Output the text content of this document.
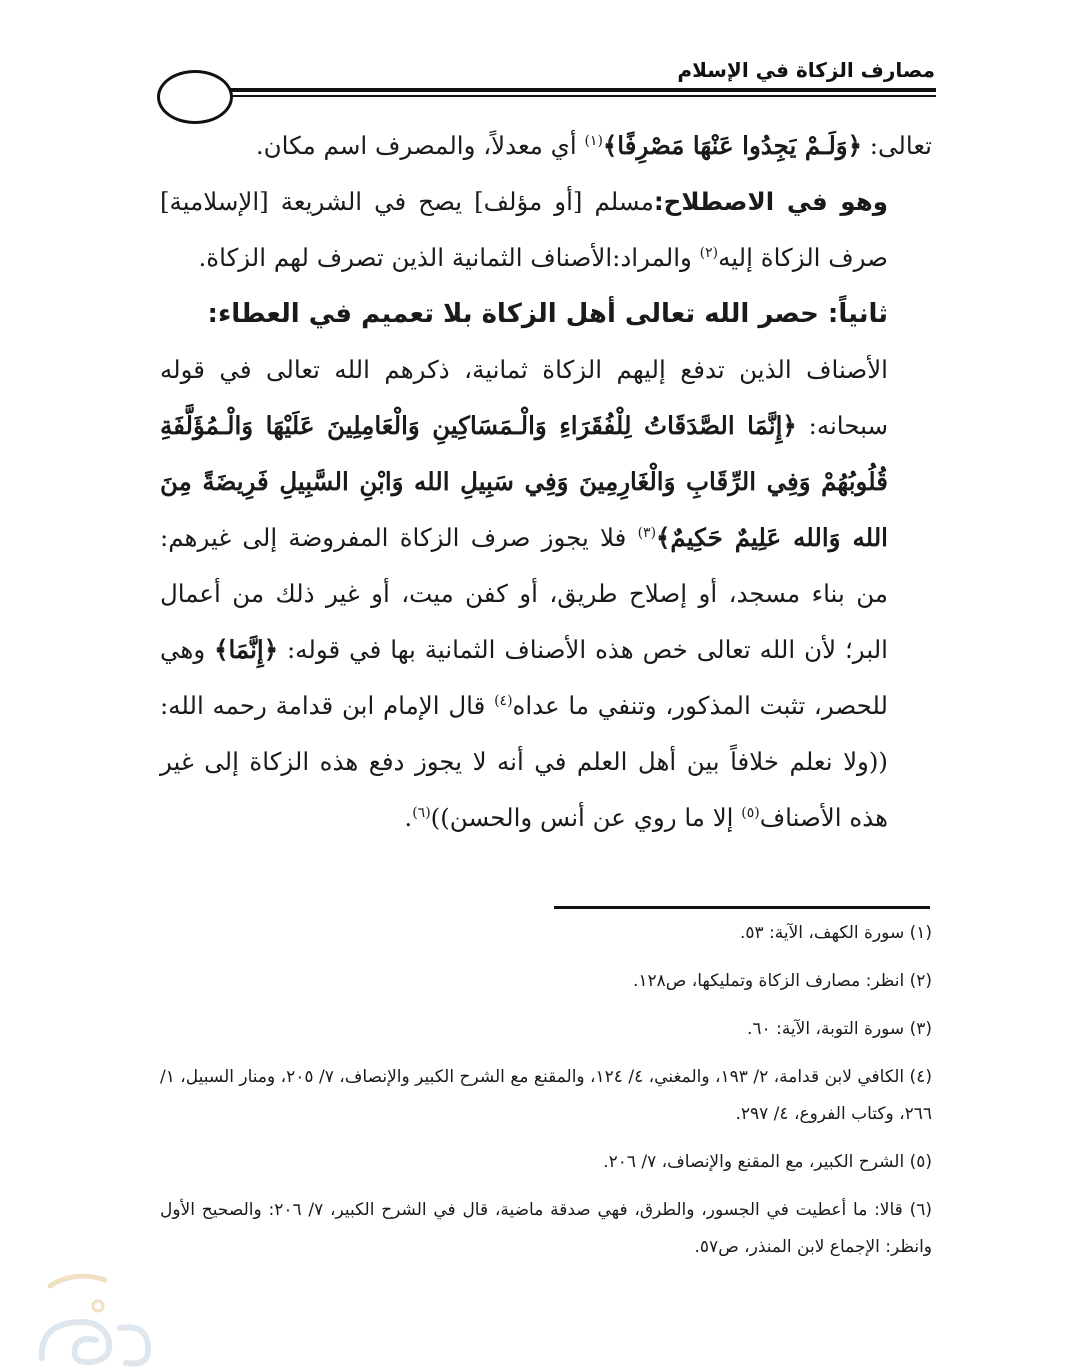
مصارف الزكاة في الإسلام

تعالى: ﴿وَلَـمْ يَجِدُوا عَنْهَا مَصْرِفًا﴾$^{(١)}$ أي معدلاً، والمصرف اسم مكان.

وهو في الاصطلاح:مسلم [أو مؤلف] يصح في الشريعة [الإسلامية] صرف الزكاة إليه$^{(٢)}$ والمراد:الأصناف الثمانية الذين تصرف لهم الزكاة.

ثانياً: حصر الله تعالى أهل الزكاة بلا تعميم في العطاء:

الأصناف الذين تدفع إليهم الزكاة ثمانية، ذكرهم الله تعالى في قوله سبحانه: ﴿إِنَّمَا الصَّدَقَاتُ لِلْفُقَرَاءِ وَالْـمَسَاكِينِ وَالْعَامِلِينَ عَلَيْهَا وَالْـمُؤَلَّفَةِ قُلُوبُهُمْ وَفِي الرِّقَابِ وَالْغَارِمِينَ وَفِي سَبِيلِ الله وَابْنِ السَّبِيلِ فَرِيضَةً مِنَ الله وَالله عَلِيمٌ حَكِيمٌ﴾$^{(٣)}$ فلا يجوز صرف الزكاة المفروضة إلى غيرهم: من بناء مسجد، أو إصلاح طريق، أو كفن ميت، أو غير ذلك من أعمال البر؛ لأن الله تعالى خص هذه الأصناف الثمانية بها في قوله: ﴿إِنَّمَا﴾ وهي للحصر، تثبت المذكور، وتنفي ما عداه$^{(٤)}$ قال الإمام ابن قدامة رحمه الله: ((ولا نعلم خلافاً بين أهل العلم في أنه لا يجوز دفع هذه الزكاة إلى غير هذه الأصناف$^{(٥)}$ إلا ما روي عن أنس والحسن))$^{(٦)}$.

(١) سورة الكهف، الآية: ٥٣.

(٢) انظر: مصارف الزكاة وتمليكها، ص١٢٨.

(٣) سورة التوبة، الآية: ٦٠.

(٤) الكافي لابن قدامة، ٢/ ١٩٣، والمغني، ٤/ ١٢٤، والمقنع مع الشرح الكبير والإنصاف، ٧/ ٢٠٥، ومنار السبيل، ١/ ٢٦٦، وكتاب الفروع، ٤/ ٢٩٧.

(٥) الشرح الكبير، مع المقنع والإنصاف، ٧/ ٢٠٦.

(٦) قالا: ما أعطيت في الجسور، والطرق، فهي صدقة ماضية، قال في الشرح الكبير، ٧/ ٢٠٦: والصحيح الأول وانظر: الإجماع لابن المنذر، ص٥٧.
